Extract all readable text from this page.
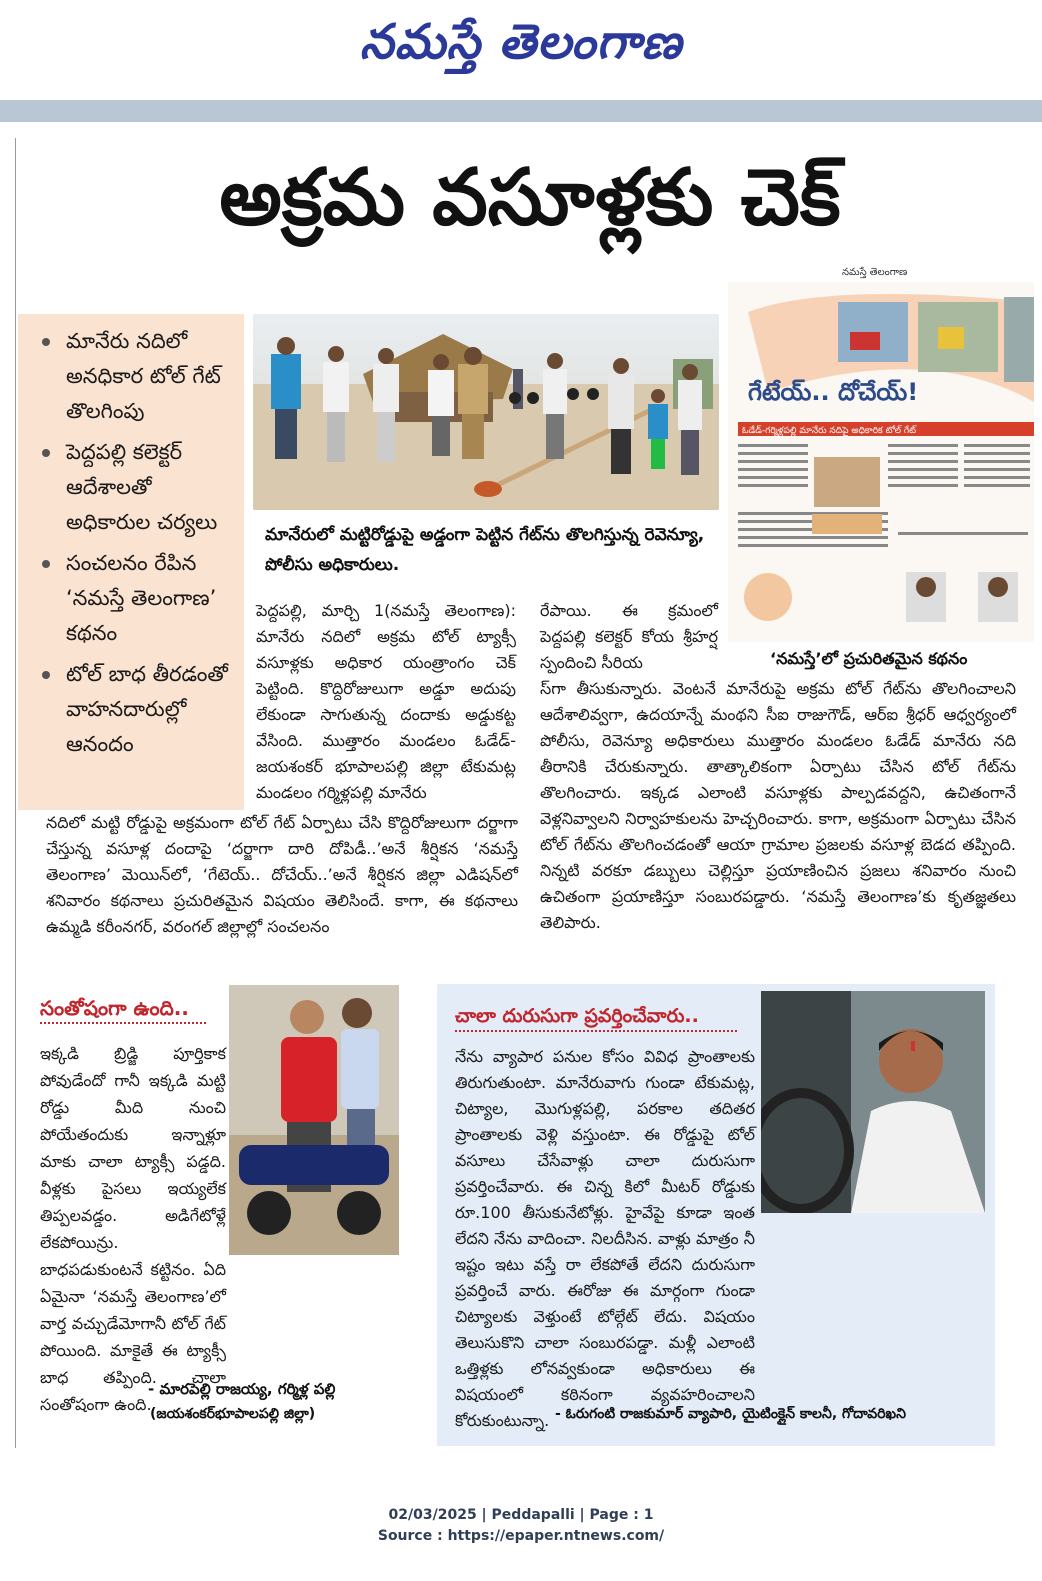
నమస్తే తెలంగాణ
అక్రమ వసూళ్లకు చెక్
నమస్తే తెలంగాణ
మానేరు నదిలో అనధికార టోల్ గేట్ తొలగింపు
పెద్దపల్లి కలెక్టర్ ఆదేశాలతో అధికారుల చర్యలు
సంచలనం రేపిన ‘నమస్తే తెలంగాణ’ కథనం
టోల్ బాధ తీరడంతో వాహనదారుల్లో ఆనందం
మానేరులో మట్టిరోడ్డుపై అడ్డంగా పెట్టిన గేట్‌ను తొలగిస్తున్న రెవెన్యూ, పోలీసు అధికారులు.
గేటేయ్.. దోచేయ్!
ఓడేడ్-గర్మిళ్లపల్లి మానేరు నదిపై అధికారిక టోల్ గేట్
‘నమస్తే’లో ప్రచురితమైన కథనం
పెద్దపల్లి, మార్చి 1(నమస్తే తెలంగాణ): మానేరు నదిలో అక్రమ టోల్ ట్యాక్సీ వసూళ్లకు అధికార యంత్రాంగం చెక్ పెట్టింది. కొద్దిరోజులుగా అడ్డూ అదుపు లేకుండా సాగుతున్న దందాకు అడ్డుకట్ట వేసింది. ముత్తారం మండలం ఓడేడ్- జయశంకర్ భూపాలపల్లి జిల్లా టేకుమట్ల మండలం గర్మిళ్లపల్లి మానేరు
రేపాయి. ఈ క్రమంలో పెద్దపల్లి కలెక్టర్ కోయ శ్రీహర్ష స్పందించి సీరియ
నదిలో మట్టి రోడ్డుపై అక్రమంగా టోల్ గేట్ ఏర్పాటు చేసి కొద్దిరోజులుగా దర్జాగా చేస్తున్న వసూళ్ల దందాపై ‘దర్జాగా దారి దోపిడీ..’అనే శీర్షికన ‘నమస్తే తెలంగాణ’ మెయిన్‌లో, ‘గేటెయ్.. దోచేయ్..’అనే శీర్షికన జిల్లా ఎడిషన్‌లో శనివారం కథనాలు ప్రచురితమైన విషయం తెలిసిందే. కాగా, ఈ కథనాలు ఉమ్మడి కరీంనగర్, వరంగల్ జిల్లాల్లో సంచలనం
స్‌గా తీసుకున్నారు. వెంటనే మానేరుపై అక్రమ టోల్ గేట్‌ను తొలగించాలని ఆదేశాలివ్వగా, ఉదయాన్నే మంథని సీఐ రాజుగౌడ్, ఆర్ఐ శ్రీధర్ ఆధ్వర్యంలో పోలీసు, రెవెన్యూ అధికారులు ముత్తారం మండలం ఓడేడ్ మానేరు నది తీరానికి చేరుకున్నారు. తాత్కాలికంగా ఏర్పాటు చేసిన టోల్ గేట్‌ను తొలగించారు. ఇక్కడ ఎలాంటి వసూళ్లకు పాల్పడవద్దని, ఉచితంగానే వెళ్లనివ్వాలని నిర్వాహకులను హెచ్చరించారు. కాగా, అక్రమంగా ఏర్పాటు చేసిన టోల్ గేట్‌ను తొలగించడంతో ఆయా గ్రామాల ప్రజలకు వసూళ్ల బెడద తప్పింది. నిన్నటి వరకూ డబ్బులు చెల్లిస్తూ ప్రయాణించిన ప్రజలు శనివారం నుంచి ఉచితంగా ప్రయాణిస్తూ సంబురపడ్డారు. ‘నమస్తే తెలంగాణ’కు కృతజ్ఞతలు తెలిపారు.
సంతోషంగా ఉంది..
ఇక్కడి బ్రిడ్జి పూర్తికాక పోవుడేందో గానీ ఇక్కడి మట్టి రోడ్డు మీది నుంచి పోయేతందుకు ఇన్నాళ్లూ మాకు చాలా ట్యాక్సీ పడ్డది. వీళ్లకు పైసలు ఇయ్యలేక తిప్పలవడ్డం. అడిగేటోళ్లే లేకపోయిన్రు. బాధపడుకుంటనే కట్టినం. ఏది ఏమైనా ‘నమస్తే తెలంగాణ’లో వార్త వచ్చుడేమోగానీ టోల్ గేట్ పోయింది. మాకైతే ఈ ట్యాక్సీ బాధ తప్పింది. చాలా సంతోషంగా ఉంది.
- మారపెల్లి రాజయ్య, గర్మిళ్ల పల్లి
(జయశంకర్‌భూపాలపల్లి జిల్లా)
చాలా దురుసుగా ప్రవర్తించేవారు..
నేను వ్యాపార పనుల కోసం వివిధ ప్రాంతాలకు తిరుగుతుంటా. మానేరువాగు గుండా టేకుమట్ల, చిట్యాల, మొగుళ్లపల్లి, పరకాల తదితర ప్రాంతాలకు వెళ్లి వస్తుంటా. ఈ రోడ్డుపై టోల్ వసూలు చేసేవాళ్లు చాలా దురుసుగా ప్రవర్తించేవారు. ఈ చిన్న కిలో మీటర్ రోడ్డుకు రూ.100 తీసుకునేటోళ్లు. హైవేపై కూడా ఇంత లేదని నేను వాదించా. నిలదీసిన. వాళ్లు మాత్రం నీ ఇష్టం ఇటు వస్తే రా లేకపోతే లేదని దురుసుగా ప్రవర్తించే వారు. ఈరోజు ఈ మార్గంగా గుండా చిట్యాలకు వెళ్తుంటే టోల్గేట్ లేదు. విషయం తెలుసుకొని చాలా సంబురపడ్డా. మళ్లీ ఎలాంటి ఒత్తిళ్లకు లోనవ్వకుండా అధికారులు ఈ విషయంలో కఠినంగా వ్యవహరించాలని కోరుకుంటున్నా. - ఓరుగంటి రాజకుమార్ వ్యాపారి, యైటింక్లైన్ కాలనీ, గోదావరిఖని
02/03/2025 | Peddapalli | Page : 1
Source : https://epaper.ntnews.com/
